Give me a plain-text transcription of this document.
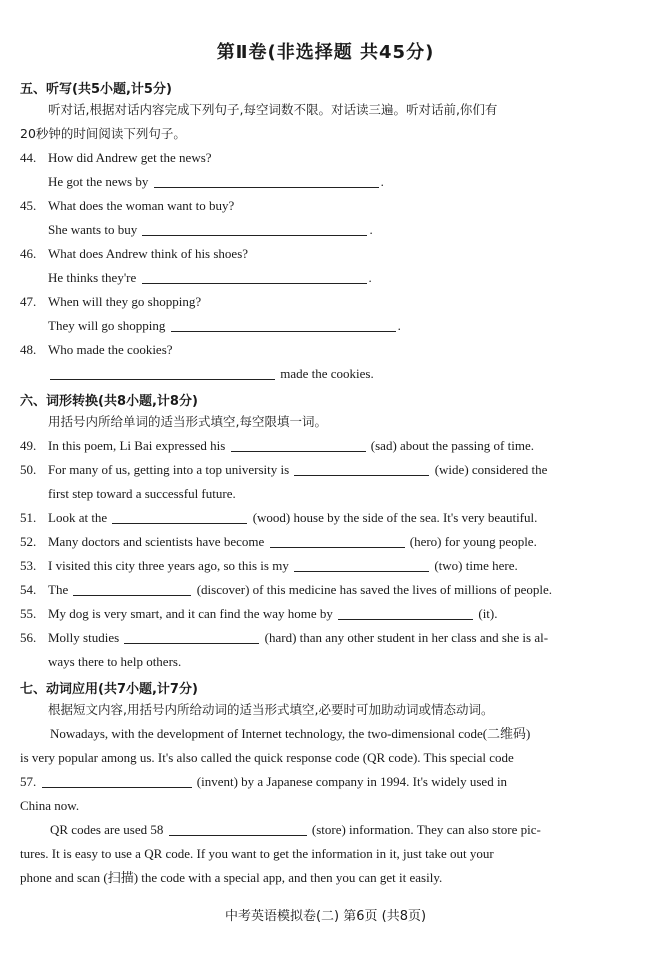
第Ⅱ卷(非选择题 共45分)
五、听写(共5小题,计5分)
听对话,根据对话内容完成下列句子,每空词数不限。对话读三遍。听对话前,你们有
20秒钟的时间阅读下列句子。
44. How did Andrew get the news?
He got the news by	.
45. What does the woman want to buy?
She wants to buy	.
46. What does Andrew think of his shoes?
He thinks they're	.
47. When will they go shopping?
They will go shopping	.
48. Who made the cookies?
made the cookies.
六、词形转换(共8小题,计8分)
用括号内所给单词的适当形式填空,每空限填一词。
49. In this poem, Li Bai expressed his	(sad) about the passing of time.
50. For many of us, getting into a top university is	(wide) considered the
first step toward a successful future.
51. Look at the	(wood) house by the side of the sea. It's very beautiful.
52. Many doctors and scientists have become	(hero) for young people.
53. I visited this city three years ago, so this is my	(two) time here.
54. The	(discover) of this medicine has saved the lives of millions of people.
55. My dog is very smart, and it can find the way home by	(it).
56. Molly studies	(hard) than any other student in her class and she is al-
ways there to help others.
七、动词应用(共7小题,计7分)
根据短文内容,用括号内所给动词的适当形式填空,必要时可加助动词或情态动词。
Nowadays, with the development of Internet technology, the two-dimensional code(二维码)
is very popular among us. It's also called the quick response code (QR code). This special code
57.	(invent) by a Japanese company in 1994. It's widely used in
China now.
QR codes are used 58	(store) information. They can also store pic-
tures. It is easy to use a QR code. If you want to get the information in it, just take out your
phone and scan (扫描) the code with a special app, and then you can get it easily.
中考英语模拟卷(二) 第6页 (共8页)
